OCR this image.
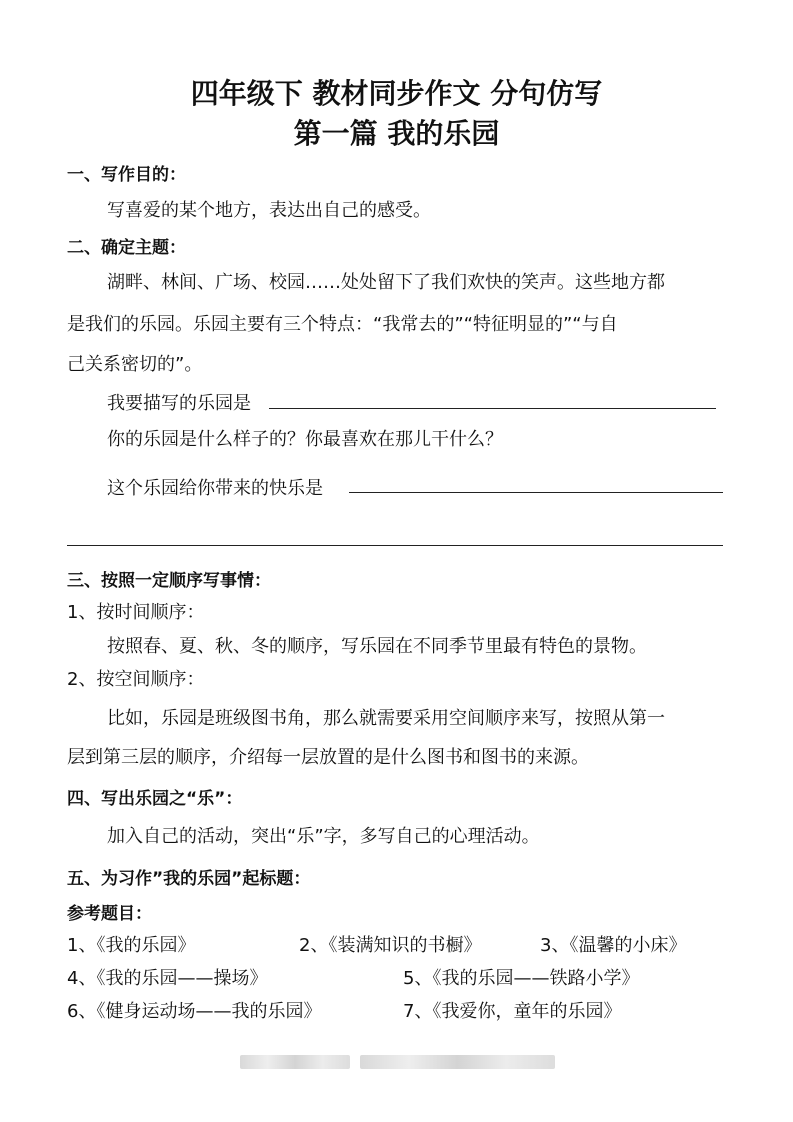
四年级下 教材同步作文 分句仿写
第一篇 我的乐园
一、写作目的：
写喜爱的某个地方，表达出自己的感受。
二、确定主题：
湖畔、林间、广场、校园……处处留下了我们欢快的笑声。这些地方都
是我们的乐园。乐园主要有三个特点：“我常去的”“特征明显的”“与自
己关系密切的”。
我要描写的乐园是
你的乐园是什么样子的？你最喜欢在那儿干什么？
这个乐园给你带来的快乐是
三、按照一定顺序写事情：
1、按时间顺序：
按照春、夏、秋、冬的顺序，写乐园在不同季节里最有特色的景物。
2、按空间顺序：
比如，乐园是班级图书角，那么就需要采用空间顺序来写，按照从第一
层到第三层的顺序，介绍每一层放置的是什么图书和图书的来源。
四、写出乐园之“乐”：
加入自己的活动，突出“乐”字，多写自己的心理活动。
五、为习作”我的乐园”起标题：
参考题目：
1、《我的乐园》	2、《装满知识的书橱》	3、《温馨的小床》
4、《我的乐园——操场》	5、《我的乐园——铁路小学》
6、《健身运动场——我的乐园》	7、《我爱你，童年的乐园》
